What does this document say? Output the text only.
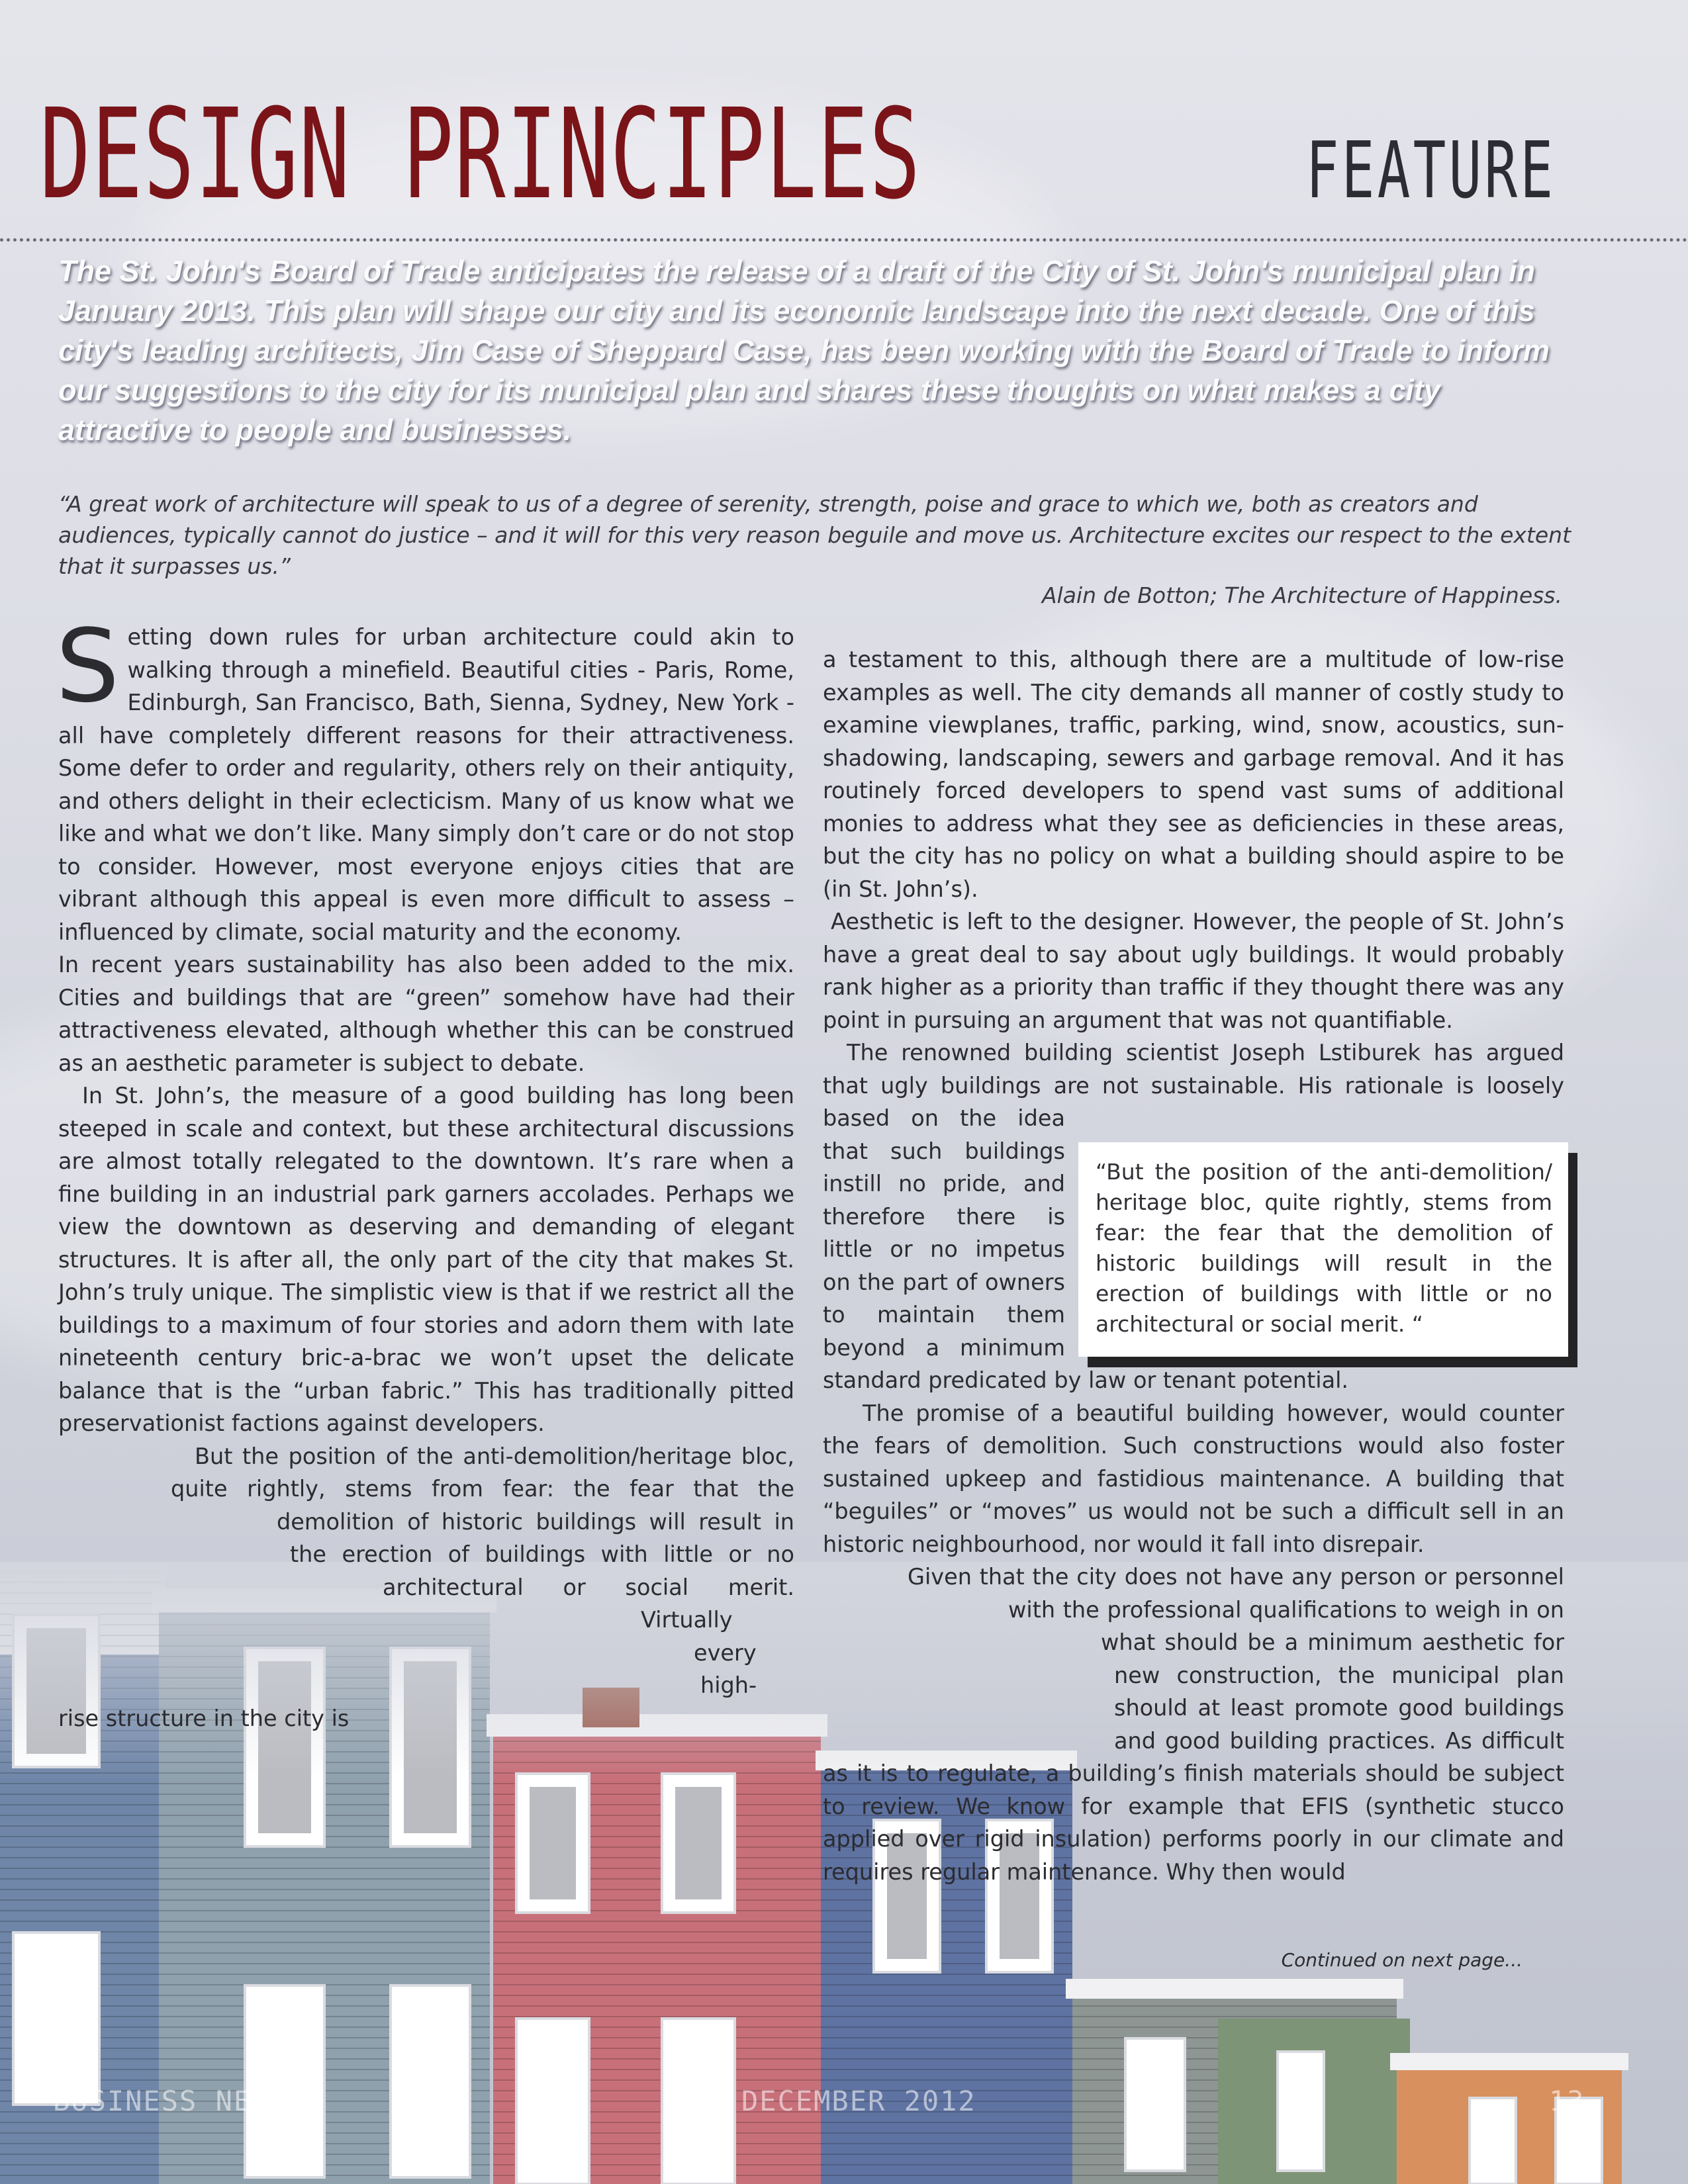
DESIGN PRINCIPLES	FEATURE
The St. John's Board of Trade anticipates the release of a draft of the City of St. John's municipal plan in January 2013. This plan will shape our city and its economic landscape into the next decade. One of this city's leading architects, Jim Case of Sheppard Case, has been working with the Board of Trade to inform our suggestions to the city for its municipal plan and shares these thoughts on what makes a city attractive to people and businesses.
“A great work of architecture will speak to us of a degree of serenity, strength, poise and grace to which we, both as creators and audiences, typically cannot do justice – and it will for this very reason beguile and move us. Architecture excites our respect to the extent that it surpasses us.”
Alain de Botton; The Architecture of Happiness.
S etting down rules for urban architecture could akin to walking through a minefield. Beautiful cities - Paris, Rome, Edinburgh, San Francisco, Bath, Sienna, Sydney, New York - all have completely different reasons for their attractiveness. Some defer to order and regularity, others rely on their antiquity, and others delight in their eclecticism. Many of us know what we like and what we don’t like. Many simply don’t care or do not stop to consider. However, most everyone enjoys cities that are vibrant although this appeal is even more difficult to assess – influenced by climate, social maturity and the economy.

In recent years sustainability has also been added to the mix. Cities and buildings that are “green” somehow have had their attractiveness elevated, although whether this can be construed as an aesthetic parameter is subject to debate.

In St. John’s, the measure of a good building has long been steeped in scale and context, but these architectural discussions are almost totally relegated to the downtown. It’s rare when a fine building in an industrial park garners accolades. Perhaps we view the downtown as deserving and demanding of elegant structures. It is after all, the only part of the city that makes St. John’s truly unique. The simplistic view is that if we restrict all the buildings to a maximum of four stories and adorn them with late nineteenth century bric-a-brac we won’t upset the delicate balance that is the “urban fabric.” This has traditionally pitted preservationist factions against developers.

But the position of the anti-demolition/heritage bloc, quite rightly, stems from fear: the fear that the demolition of historic buildings will result in the erection of buildings with little or no architectural or social merit. Virtually every high-rise structure in the city is

a testament to this, although there are a multitude of low-rise examples as well. The city demands all manner of costly study to examine viewplanes, traffic, parking, wind, snow, acoustics, sun-shadowing, landscaping, sewers and garbage removal. And it has routinely forced developers to spend vast sums of additional monies to address what they see as deficiencies in these areas, but the city has no policy on what a building should aspire to be (in St. John’s).

Aesthetic is left to the designer. However, the people of St. John’s have a great deal to say about ugly buildings. It would probably rank higher as a priority than traffic if they thought there was any point in pursuing an argument that was not quantifiable.

“But the position of the anti-demolition/ heritage bloc, quite rightly, stems from fear: the fear that the demolition of historic buildings will result in the erection of buildings with little or no architectural or social merit. “

The renowned building scientist Joseph Lstiburek has argued that ugly buildings are not sustainable. His rationale is loosely based on the idea that such buildings instill no pride, and therefore there is little or no impetus on the part of owners to maintain them beyond a minimum standard predicated by law or tenant potential.

The promise of a beautiful building however, would counter the fears of demolition. Such constructions would also foster sustained upkeep and fastidious maintenance. A building that “beguiles” or “moves” us would not be such a difficult sell in an historic neighbourhood, nor would it fall into disrepair.

Given that the city does not have any person or personnel with the professional qualifications to weigh in on what should be a minimum aesthetic for new construction, the municipal plan should at least promote good buildings and good building practices. As difficult as it is to regulate, a building’s finish materials should be subject to review. We know for example that EFIS (synthetic stucco applied over rigid insulation) performs poorly in our climate and requires regular maintenance. Why then would

Continued on next page...
BUSINESS NEWS	DECEMBER 2012	13
